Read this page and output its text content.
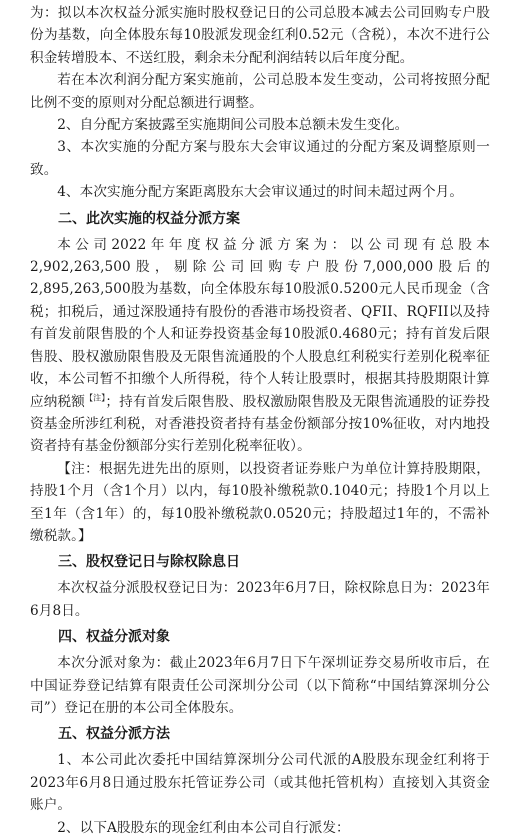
为：拟以本次权益分派实施时股权登记日的公司总股本减去公司回购专户股份为基数，向全体股东每10股派发现金红利0.52元（含税），本次不进行公积金转增股本、不送红股，剩余未分配利润结转以后年度分配。

若在本次利润分配方案实施前，公司总股本发生变动，公司将按照分配比例不变的原则对分配总额进行调整。

2、自分配方案披露至实施期间公司股本总额未发生变化。

3、本次实施的分配方案与股东大会审议通过的分配方案及调整原则一致。

4、本次实施分配方案距离股东大会审议通过的时间未超过两个月。

二、此次实施的权益分派方案

本公司2022年年度权益分派方案为：以公司现有总股本2,902,263,500股，剔除公司回购专户股份7,000,000股后的2,895,263,500股为基数，向全体股东每10股派0.5200元人民币现金（含税；扣税后，通过深股通持有股份的香港市场投资者、QFII、RQFII以及持有首发前限售股的个人和证券投资基金每10股派0.4680元；持有首发后限售股、股权激励限售股及无限售流通股的个人股息红利税实行差别化税率征收，本公司暂不扣缴个人所得税，待个人转让股票时，根据其持股期限计算应纳税额$^{【注】}$；持有首发后限售股、股权激励限售股及无限售流通股的证券投资基金所涉红利税，对香港投资者持有基金份额部分按10%征收，对内地投资者持有基金份额部分实行差别化税率征收）。

【注：根据先进先出的原则，以投资者证券账户为单位计算持股期限，持股1个月（含1个月）以内，每10股补缴税款0.1040元；持股1个月以上至1年（含1年）的，每10股补缴税款0.0520元；持股超过1年的，不需补缴税款。】

三、股权登记日与除权除息日

本次权益分派股权登记日为：2023年6月7日，除权除息日为：2023年6月8日。

四、权益分派对象

本次分派对象为：截止2023年6月7日下午深圳证券交易所收市后，在中国证券登记结算有限责任公司深圳分公司（以下简称“中国结算深圳分公司”）登记在册的本公司全体股东。

五、权益分派方法

1、本公司此次委托中国结算深圳分公司代派的A股股东现金红利将于2023年6月8日通过股东托管证券公司（或其他托管机构）直接划入其资金账户。

2、以下A股股东的现金红利由本公司自行派发：
